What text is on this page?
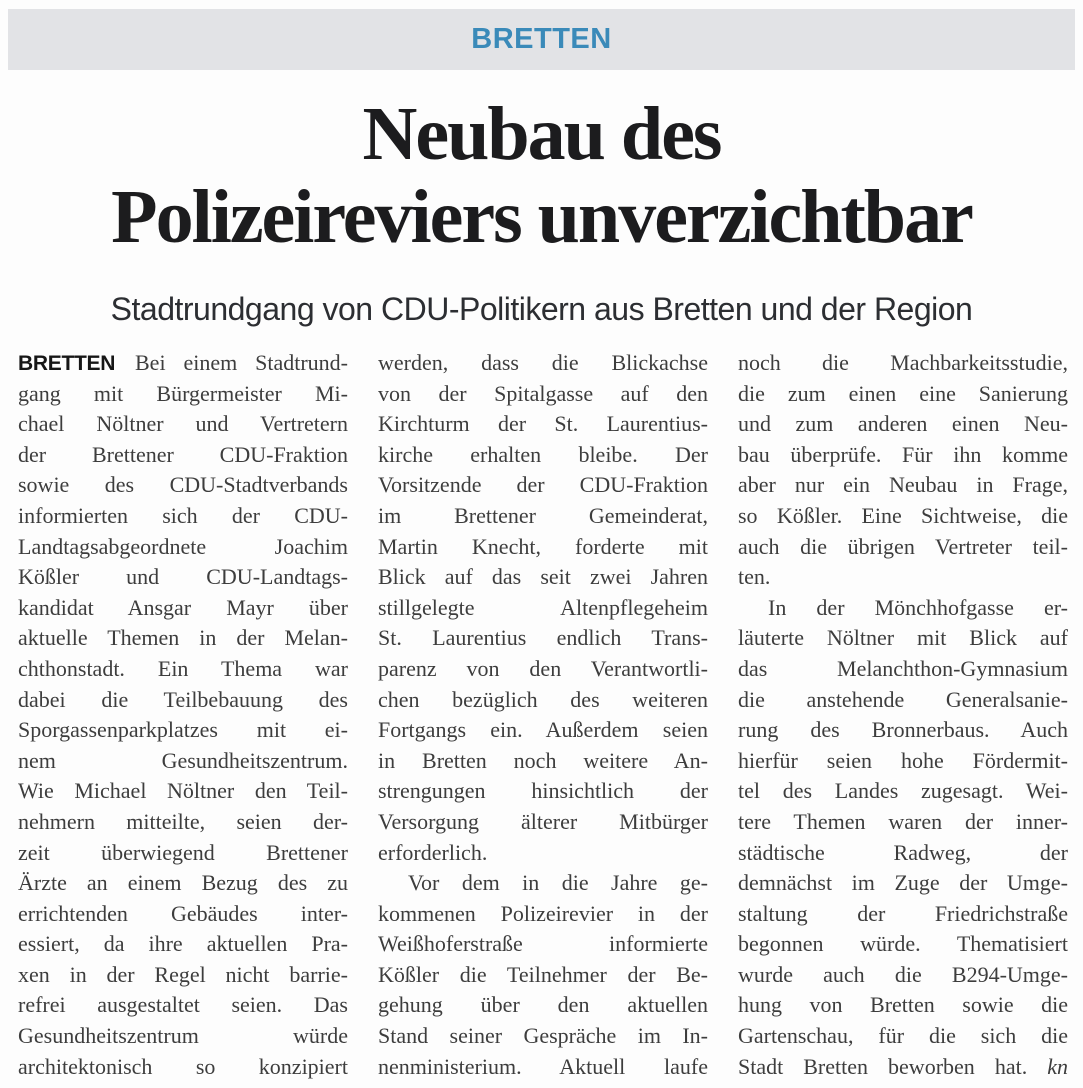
BRETTEN
Neubau des
Polizeireviers unverzichtbar
Stadtrundgang von CDU-Politikern aus Bretten und der Region
BRETTEN Bei einem Stadtrund-
gang mit Bürgermeister Mi-
chael Nöltner und Vertretern
der Brettener CDU-Fraktion
sowie des CDU-Stadtverbands
informierten sich der CDU-
Landtagsabgeordnete Joachim
Kößler und CDU-Landtags-
kandidat Ansgar Mayr über
aktuelle Themen in der Melan-
chthonstadt. Ein Thema war
dabei die Teilbebauung des
Sporgassenparkplatzes mit ei-
nem Gesundheitszentrum.
Wie Michael Nöltner den Teil-
nehmern mitteilte, seien der-
zeit überwiegend Brettener
Ärzte an einem Bezug des zu
errichtenden Gebäudes inter-
essiert, da ihre aktuellen Pra-
xen in der Regel nicht barrie-
refrei ausgestaltet seien. Das
Gesundheitszentrum würde
architektonisch so konzipiert
werden, dass die Blickachse
von der Spitalgasse auf den
Kirchturm der St. Laurentius-
kirche erhalten bleibe. Der
Vorsitzende der CDU-Fraktion
im Brettener Gemeinderat,
Martin Knecht, forderte mit
Blick auf das seit zwei Jahren
stillgelegte Altenpflegeheim
St. Laurentius endlich Trans-
parenz von den Verantwortli-
chen bezüglich des weiteren
Fortgangs ein. Außerdem seien
in Bretten noch weitere An-
strengungen hinsichtlich der
Versorgung älterer Mitbürger
erforderlich.
Vor dem in die Jahre ge-
kommenen Polizeirevier in der
Weißhoferstraße informierte
Kößler die Teilnehmer der Be-
gehung über den aktuellen
Stand seiner Gespräche im In-
nenministerium. Aktuell laufe
noch die Machbarkeitsstudie,
die zum einen eine Sanierung
und zum anderen einen Neu-
bau überprüfe. Für ihn komme
aber nur ein Neubau in Frage,
so Kößler. Eine Sichtweise, die
auch die übrigen Vertreter teil-
ten.
In der Mönchhofgasse er-
läuterte Nöltner mit Blick auf
das Melanchthon-Gymnasium
die anstehende Generalsanie-
rung des Bronnerbaus. Auch
hierfür seien hohe Fördermit-
tel des Landes zugesagt. Wei-
tere Themen waren der inner-
städtische Radweg, der
demnächst im Zuge der Umge-
staltung der Friedrichstraße
begonnen würde. Thematisiert
wurde auch die B294-Umge-
hung von Bretten sowie die
Gartenschau, für die sich die
Stadt Bretten beworben hat. kn
